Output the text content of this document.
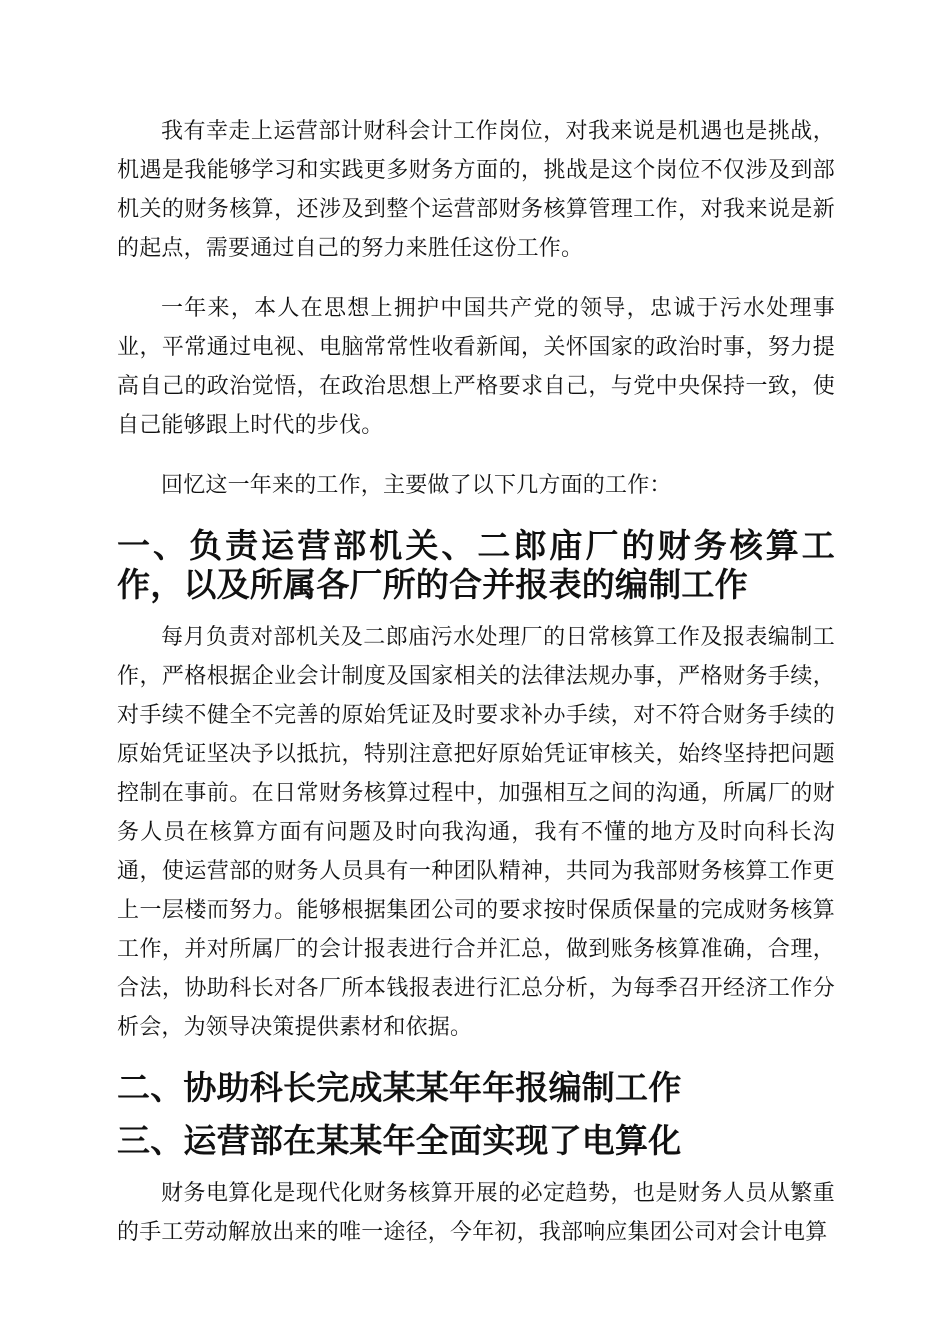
我有幸走上运营部计财科会计工作岗位，对我来说是机遇也是挑战，机遇是我能够学习和实践更多财务方面的，挑战是这个岗位不仅涉及到部机关的财务核算，还涉及到整个运营部财务核算管理工作，对我来说是新的起点，需要通过自己的努力来胜任这份工作。

一年来，本人在思想上拥护中国共产党的领导，忠诚于污水处理事业，平常通过电视、电脑常常性收看新闻，关怀国家的政治时事，努力提高自己的政治觉悟，在政治思想上严格要求自己，与党中央保持一致，使自己能够跟上时代的步伐。

回忆这一年来的工作，主要做了以下几方面的工作：

一、负责运营部机关、二郎庙厂的财务核算工作，以及所属各厂所的合并报表的编制工作

每月负责对部机关及二郎庙污水处理厂的日常核算工作及报表编制工作，严格根据企业会计制度及国家相关的法律法规办事，严格财务手续，对手续不健全不完善的原始凭证及时要求补办手续，对不符合财务手续的原始凭证坚决予以抵抗，特别注意把好原始凭证审核关，始终坚持把问题控制在事前。在日常财务核算过程中，加强相互之间的沟通，所属厂的财务人员在核算方面有问题及时向我沟通，我有不懂的地方及时向科长沟通，使运营部的财务人员具有一种团队精神，共同为我部财务核算工作更上一层楼而努力。能够根据集团公司的要求按时保质保量的完成财务核算工作，并对所属厂的会计报表进行合并汇总，做到账务核算准确，合理，合法，协助科长对各厂所本钱报表进行汇总分析，为每季召开经济工作分析会，为领导决策提供素材和依据。

二、协助科长完成某某年年报编制工作
三、运营部在某某年全面实现了电算化

财务电算化是现代化财务核算开展的必定趋势，也是财务人员从繁重的手工劳动解放出来的唯一途径，今年初，我部响应集团公司对会计电算
